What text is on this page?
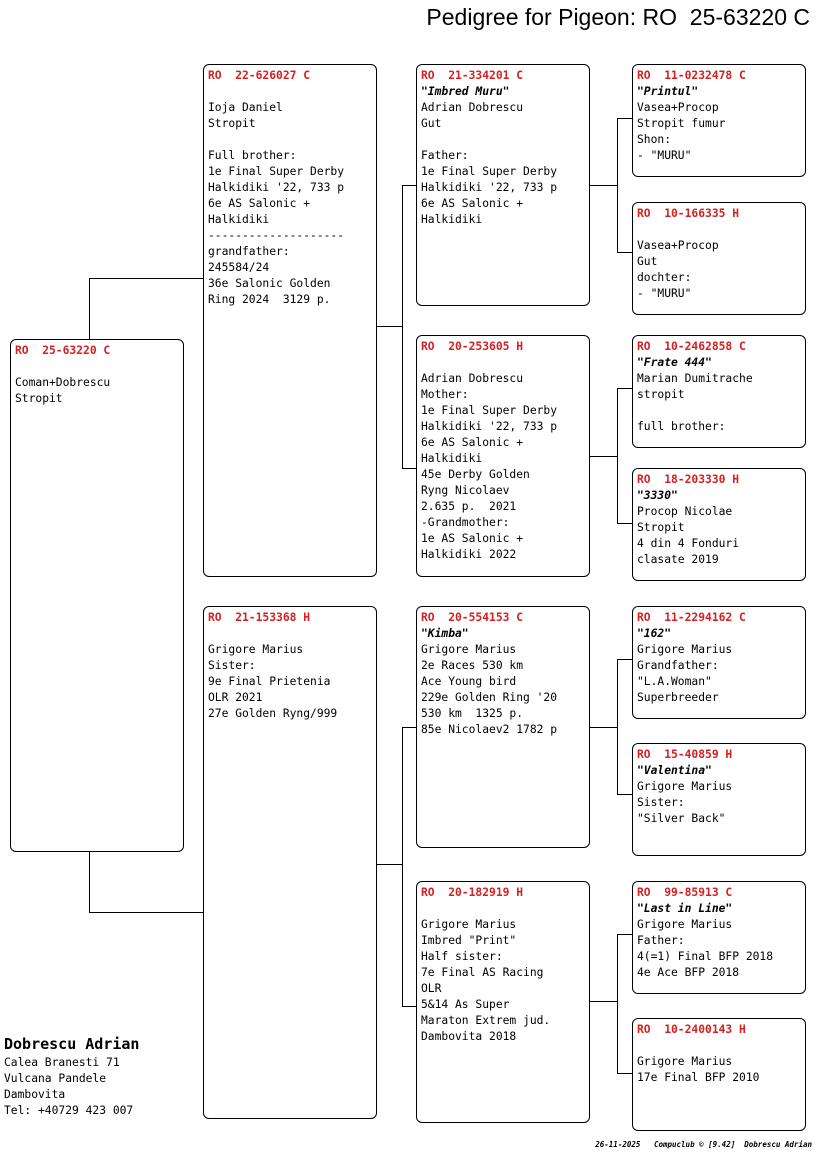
Pedigree for Pigeon: RO  25-63220 C
RO  25-63220 C
Coman+Dobrescu
Stropit
RO  22-626027 C
Ioja Daniel
Stropit
Full brother:
1e Final Super Derby
Halkidiki '22, 733 p
6e AS Salonic +
Halkidiki
--------------------
grandfather:
245584/24
36e Salonic Golden
Ring 2024  3129 p.
RO  21-153368 H
Grigore Marius
Sister:
9e Final Prietenia
OLR 2021
27e Golden Ryng/999
RO  21-334201 C
"Imbred Muru"
Adrian Dobrescu
Gut
Father:
1e Final Super Derby
Halkidiki '22, 733 p
6e AS Salonic +
Halkidiki
RO  20-253605 H
Adrian Dobrescu
Mother:
1e Final Super Derby
Halkidiki '22, 733 p
6e AS Salonic +
Halkidiki
45e Derby Golden
Ryng Nicolaev
2.635 p.  2021
-Grandmother:
1e AS Salonic +
Halkidiki 2022
RO  20-554153 C
"Kimba"
Grigore Marius
2e Races 530 km
Ace Young bird
229e Golden Ring '20
530 km  1325 p.
85e Nicolaev2 1782 p
RO  20-182919 H
Grigore Marius
Imbred "Print"
Half sister:
7e Final AS Racing
OLR
5&14 As Super
Maraton Extrem jud.
Dambovita 2018
RO  11-0232478 C
"Printul"
Vasea+Procop
Stropit fumur
Shon:
- "MURU"
RO  10-166335 H
Vasea+Procop
Gut
dochter:
- "MURU"
RO  10-2462858 C
"Frate 444"
Marian Dumitrache
stropit
full brother:
RO  18-203330 H
"3330"
Procop Nicolae
Stropit
4 din 4 Fonduri
clasate 2019
RO  11-2294162 C
"162"
Grigore Marius
Grandfather:
"L.A.Woman"
Superbreeder
RO  15-40859 H
"Valentina"
Grigore Marius
Sister:
"Silver Back"
RO  99-85913 C
"Last in Line"
Grigore Marius
Father:
4(=1) Final BFP 2018
4e Ace BFP 2018
RO  10-2400143 H
Grigore Marius
17e Final BFP 2010
Dobrescu Adrian
Calea Branesti 71
Vulcana Pandele
Dambovita
Tel: +40729 423 007
26-11-2025   Compuclub © [9.42]  Dobrescu Adrian
